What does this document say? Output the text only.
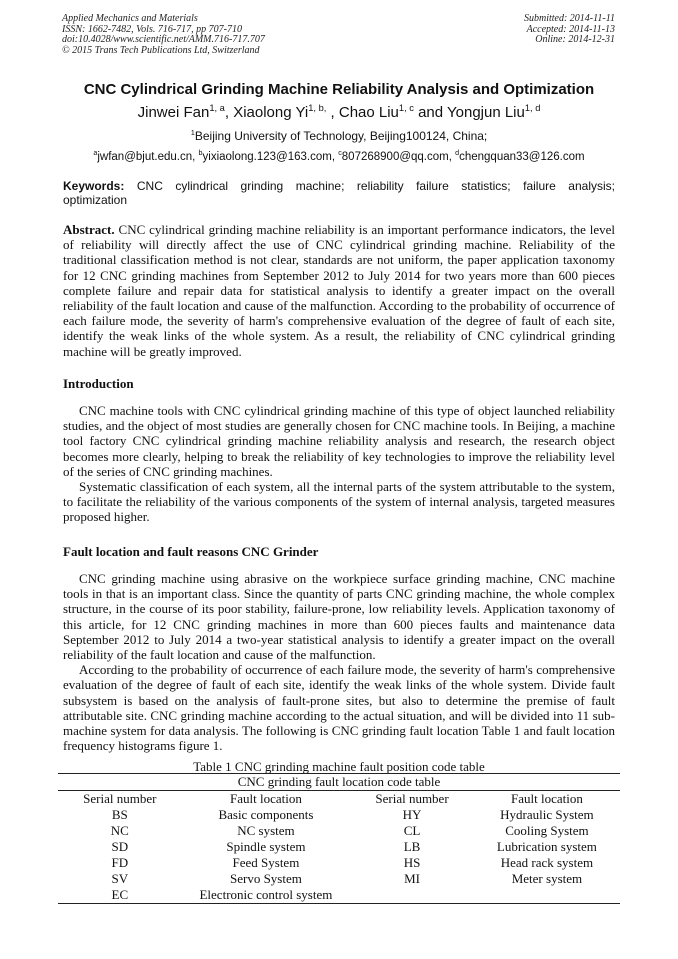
Applied Mechanics and Materials
ISSN: 1662-7482, Vols. 716-717, pp 707-710
doi:10.4028/www.scientific.net/AMM.716-717.707
© 2015 Trans Tech Publications Ltd, Switzerland
Submitted: 2014-11-11
Accepted: 2014-11-13
Online: 2014-12-31
CNC Cylindrical Grinding Machine Reliability Analysis and Optimization
Jinwei Fan$^{1, a}$, Xiaolong $Yi^{1, b,}$ , Chao Liu$^{1, c}$ and Yongjun Liu$^{1, d}$
$^1$Beijing University of Technology, Beijing100124, China;
$^a$jwfan@bjut.edu.cn, $^b$yixiaolong.123@163.com, $^c$807268900@qq.com, $^d$chengquan33@126.com
Keywords: CNC cylindrical grinding machine; reliability failure statistics; failure analysis;
optimization

Abstract. CNC cylindrical grinding machine reliability is an important performance indicators, the level of reliability will directly affect the use of CNC cylindrical grinding machine. Reliability of the traditional classification method is not clear, standards are not uniform, the paper application taxonomy for 12 CNC grinding machines from September 2012 to July 2014 for two years more than 600 pieces complete failure and repair data for statistical analysis to identify a greater impact on the overall reliability of the fault location and cause of the malfunction. According to the probability of occurrence of each failure mode, the severity of harm's comprehensive evaluation of the degree of fault of each site, identify the weak links of the whole system. As a result, the reliability of CNC cylindrical grinding machine will be greatly improved.

Introduction

CNC machine tools with CNC cylindrical grinding machine of this type of object launched reliability studies, and the object of most studies are generally chosen for CNC machine tools. In Beijing, a machine tool factory CNC cylindrical grinding machine reliability analysis and research, the research object becomes more clearly, helping to break the reliability of key technologies to improve the reliability level of the series of CNC grinding machines.

Systematic classification of each system, all the internal parts of the system attributable to the system, to facilitate the reliability of the various components of the system of internal analysis, targeted measures proposed higher.

Fault location and fault reasons CNC Grinder

CNC grinding machine using abrasive on the workpiece surface grinding machine, CNC machine tools in that is an important class. Since the quantity of parts CNC grinding machine, the whole complex structure, in the course of its poor stability, failure-prone, low reliability levels. Application taxonomy of this article, for 12 CNC grinding machines in more than 600 pieces faults and maintenance data September 2012 to July 2014 a two-year statistical analysis to identify a greater impact on the overall reliability of the fault location and cause of the malfunction.

According to the probability of occurrence of each failure mode, the severity of harm's comprehensive evaluation of the degree of fault of each site, identify the weak links of the whole system. Divide fault subsystem is based on the analysis of fault-prone sites, but also to determine the premise of fault attributable site. CNC grinding machine according to the actual situation, and will be divided into 11 sub-machine system for data analysis. The following is CNC grinding fault location Table 1 and fault location frequency histograms figure 1.

Table 1 CNC grinding machine fault position code table
CNC grinding fault location code table			
Serial number	Fault location	Serial number	Fault location
BS	Basic components	HY	Hydraulic System
NC	NC system	CL	Cooling System
SD	Spindle system	LB	Lubrication system
FD	Feed System	HS	Head rack system
SV	Servo System	MI	Meter system
EC	Electronic control system		
